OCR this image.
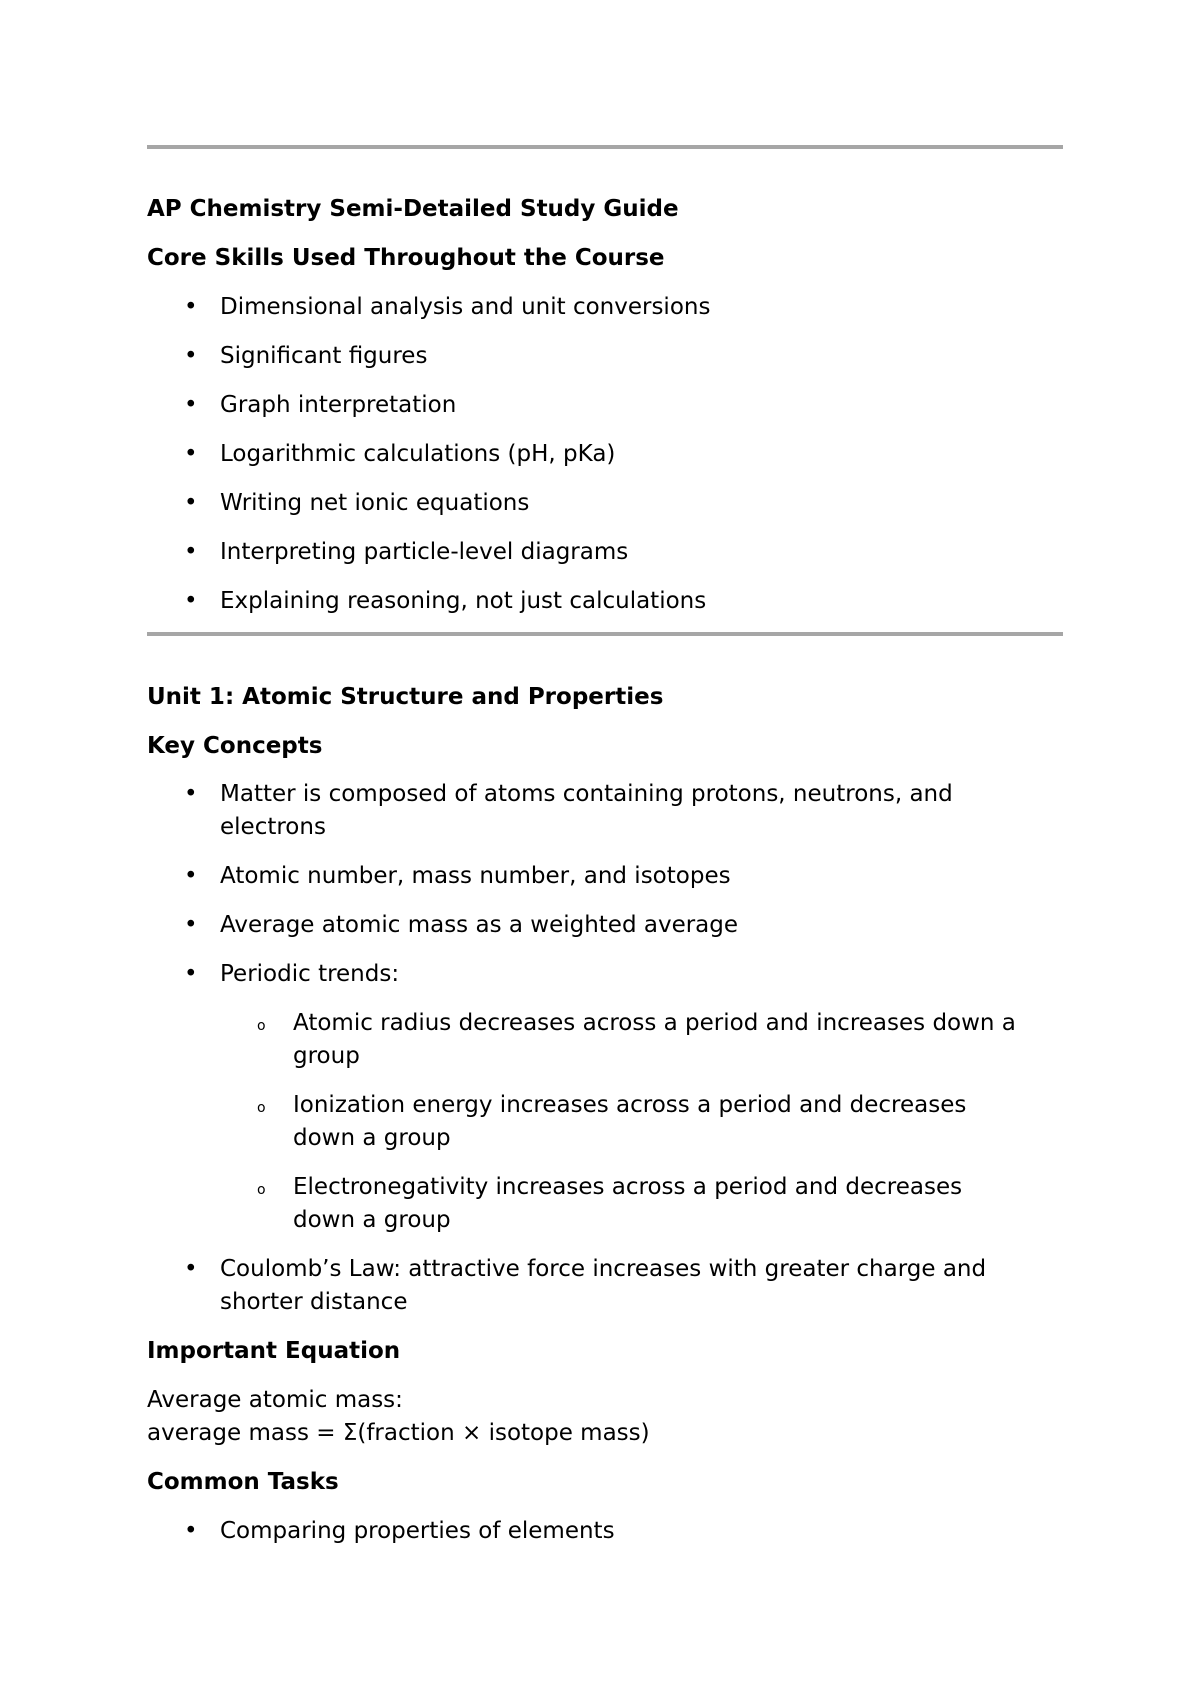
AP Chemistry Semi-Detailed Study Guide
Core Skills Used Throughout the Course
• Dimensional analysis and unit conversions
• Significant figures
• Graph interpretation
• Logarithmic calculations (pH, pKa)
• Writing net ionic equations
• Interpreting particle-level diagrams
• Explaining reasoning, not just calculations
Unit 1: Atomic Structure and Properties
Key Concepts
• Matter is composed of atoms containing protons, neutrons, and
electrons
• Atomic number, mass number, and isotopes
• Average atomic mass as a weighted average
• Periodic trends:
o Atomic radius decreases across a period and increases down a
group
o Ionization energy increases across a period and decreases
down a group
o Electronegativity increases across a period and decreases
down a group
• Coulomb’s Law: attractive force increases with greater charge and
shorter distance
Important Equation
Average atomic mass:
average mass = Σ(fraction × isotope mass)
Common Tasks
• Comparing properties of elements
